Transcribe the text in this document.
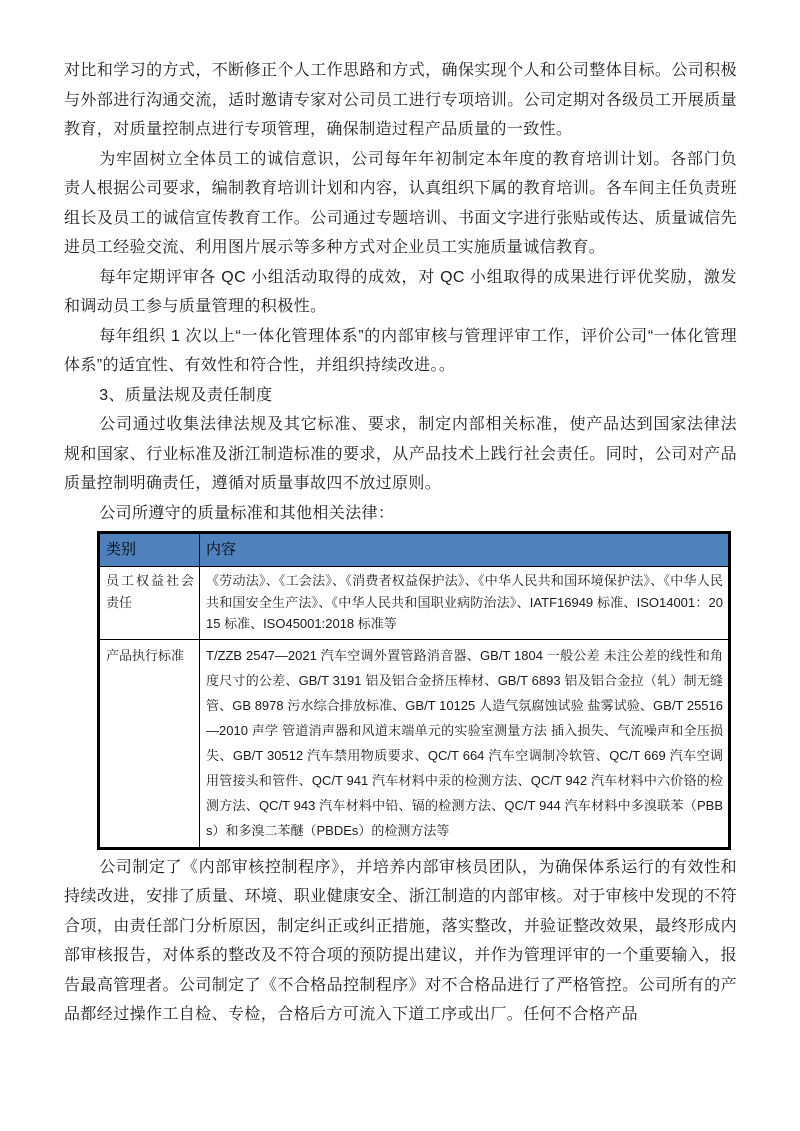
对比和学习的方式，不断修正个人工作思路和方式，确保实现个人和公司整体目标。公司积极与外部进行沟通交流，适时邀请专家对公司员工进行专项培训。公司定期对各级员工开展质量教育，对质量控制点进行专项管理，确保制造过程产品质量的一致性。

为牢固树立全体员工的诚信意识，公司每年年初制定本年度的教育培训计划。各部门负责人根据公司要求，编制教育培训计划和内容，认真组织下属的教育培训。各车间主任负责班组长及员工的诚信宣传教育工作。公司通过专题培训、书面文字进行张贴或传达、质量诚信先进员工经验交流、利用图片展示等多种方式对企业员工实施质量诚信教育。

每年定期评审各 QC 小组活动取得的成效，对 QC 小组取得的成果进行评优奖励，激发和调动员工参与质量管理的积极性。

每年组织 1 次以上“一体化管理体系”的内部审核与管理评审工作，评价公司“一体化管理体系”的适宜性、有效性和符合性，并组织持续改进。。

3、质量法规及责任制度

公司通过收集法律法规及其它标准、要求，制定内部相关标准，使产品达到国家法律法规和国家、行业标准及浙江制造标准的要求，从产品技术上践行社会责任。同时，公司对产品质量控制明确责任，遵循对质量事故四不放过原则。

公司所遵守的质量标准和其他相关法律：

类别	内容
员工权益社会责任	《劳动法》、《工会法》、《消费者权益保护法》、《中华人民共和国环境保护法》、《中华人民共和国安全生产法》、《中华人民共和国职业病防治法》、IATF16949 标准、ISO14001：2015 标准、ISO45001:2018 标准等
产品执行标准	T/ZZB 2547—2021 汽车空调外置管路消音器、GB/T 1804 一般公差 未注公差的线性和角度尺寸的公差、GB/T 3191 铝及铝合金挤压棒材、GB/T 6893 铝及铝合金拉（轧）制无缝管、GB 8978 污水综合排放标准、GB/T 10125 人造气氛腐蚀试验 盐雾试验、GB/T 25516—2010 声学 管道消声器和风道末端单元的实验室测量方法 插入损失、气流噪声和全压损失、GB/T 30512 汽车禁用物质要求、QC/T 664 汽车空调制冷软管、QC/T 669 汽车空调用管接头和管件、QC/T 941 汽车材料中汞的检测方法、QC/T 942 汽车材料中六价铬的检测方法、QC/T 943 汽车材料中铅、镉的检测方法、QC/T 944 汽车材料中多溴联苯（PBBs）和多溴二苯醚（PBDEs）的检测方法等

公司制定了《内部审核控制程序》，并培养内部审核员团队，为确保体系运行的有效性和持续改进，安排了质量、环境、职业健康安全、浙江制造的内部审核。对于审核中发现的不符合项，由责任部门分析原因，制定纠正或纠正措施，落实整改，并验证整改效果，最终形成内部审核报告，对体系的整改及不符合项的预防提出建议，并作为管理评审的一个重要输入，报告最高管理者。公司制定了《不合格品控制程序》对不合格品进行了严格管控。公司所有的产品都经过操作工自检、专检，合格后方可流入下道工序或出厂。任何不合格产品
